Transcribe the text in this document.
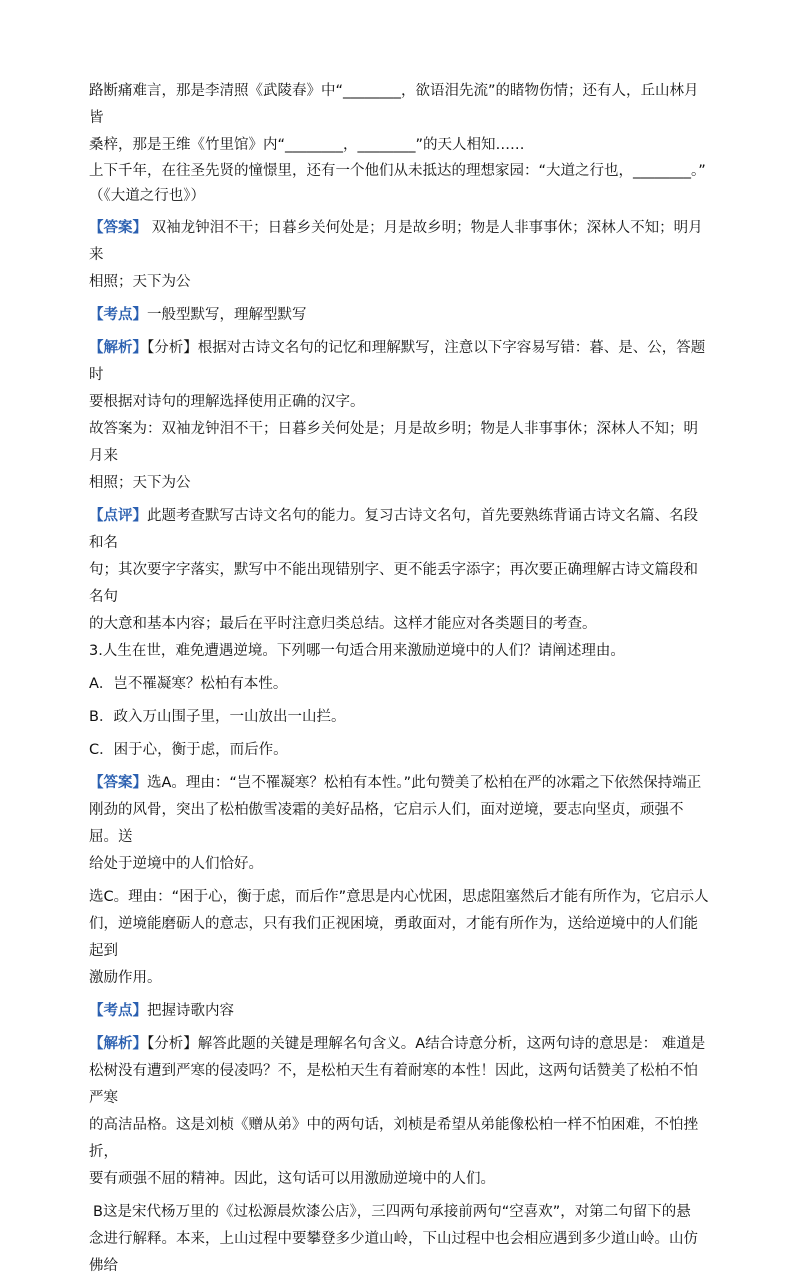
路断痛难言，那是李清照《武陵春》中“________，欲语泪先流”的睹物伤情；还有人，丘山林月皆
桑梓，那是王维《竹里馆》内“________，________”的天人相知……
上下千年，在往圣先贤的憧憬里，还有一个他们从未抵达的理想家园：“大道之行也，________。”
（《大道之行也》）
【答案】 双袖龙钟泪不干；日暮乡关何处是；月是故乡明；物是人非事事休；深林人不知；明月来
相照；天下为公
【考点】一般型默写，理解型默写
【解析】【分析】根据对古诗文名句的记忆和理解默写，注意以下字容易写错：暮、是、公，答题时
要根据对诗句的理解选择使用正确的汉字。
故答案为：双袖龙钟泪不干；日暮乡关何处是；月是故乡明；物是人非事事休；深林人不知；明月来
相照；天下为公
【点评】此题考查默写古诗文名句的能力。复习古诗文名句，首先要熟练背诵古诗文名篇、名段和名
句；其次要字字落实，默写中不能出现错别字、更不能丢字添字；再次要正确理解古诗文篇段和名句
的大意和基本内容；最后在平时注意归类总结。这样才能应对各类题目的考查。
3.人生在世，难免遭遇逆境。下列哪一句适合用来激励逆境中的人们？请阐述理由。
A．岂不罹凝寒？松柏有本性。
B．政入万山围子里，一山放出一山拦。
C．困于心，衡于虑，而后作。
【答案】选A。理由：“岂不罹凝寒？松柏有本性。”此句赞美了松柏在严的冰霜之下依然保持端正
刚劲的风骨，突出了松柏傲雪凌霜的美好品格，它启示人们，面对逆境，要志向坚贞，顽强不屈。送
给处于逆境中的人们恰好。
选C。理由：“困于心，衡于虑，而后作”意思是内心忧困，思虑阻塞然后才能有所作为，它启示人
们，逆境能磨砺人的意志，只有我们正视困境，勇敢面对，才能有所作为，送给逆境中的人们能起到
激励作用。
【考点】把握诗歌内容
【解析】【分析】解答此题的关键是理解名句含义。A结合诗意分析，这两句诗的意思是： 难道是
松树没有遭到严寒的侵凌吗？不，是松柏天生有着耐寒的本性！因此，这两句话赞美了松柏不怕严寒
的高洁品格。这是刘桢《赠从弟》中的两句话，刘桢是希望从弟能像松柏一样不怕困难，不怕挫折，
要有顽强不屈的精神。因此，这句话可以用激励逆境中的人们。
B这是宋代杨万里的《过松源晨炊漆公店》，三四两句承接前两句“空喜欢”，对第二句留下的悬
念进行解释。本来，上山过程中要攀登多少道山岭，下山过程中也会相应遇到多少道山岭。山仿佛给
